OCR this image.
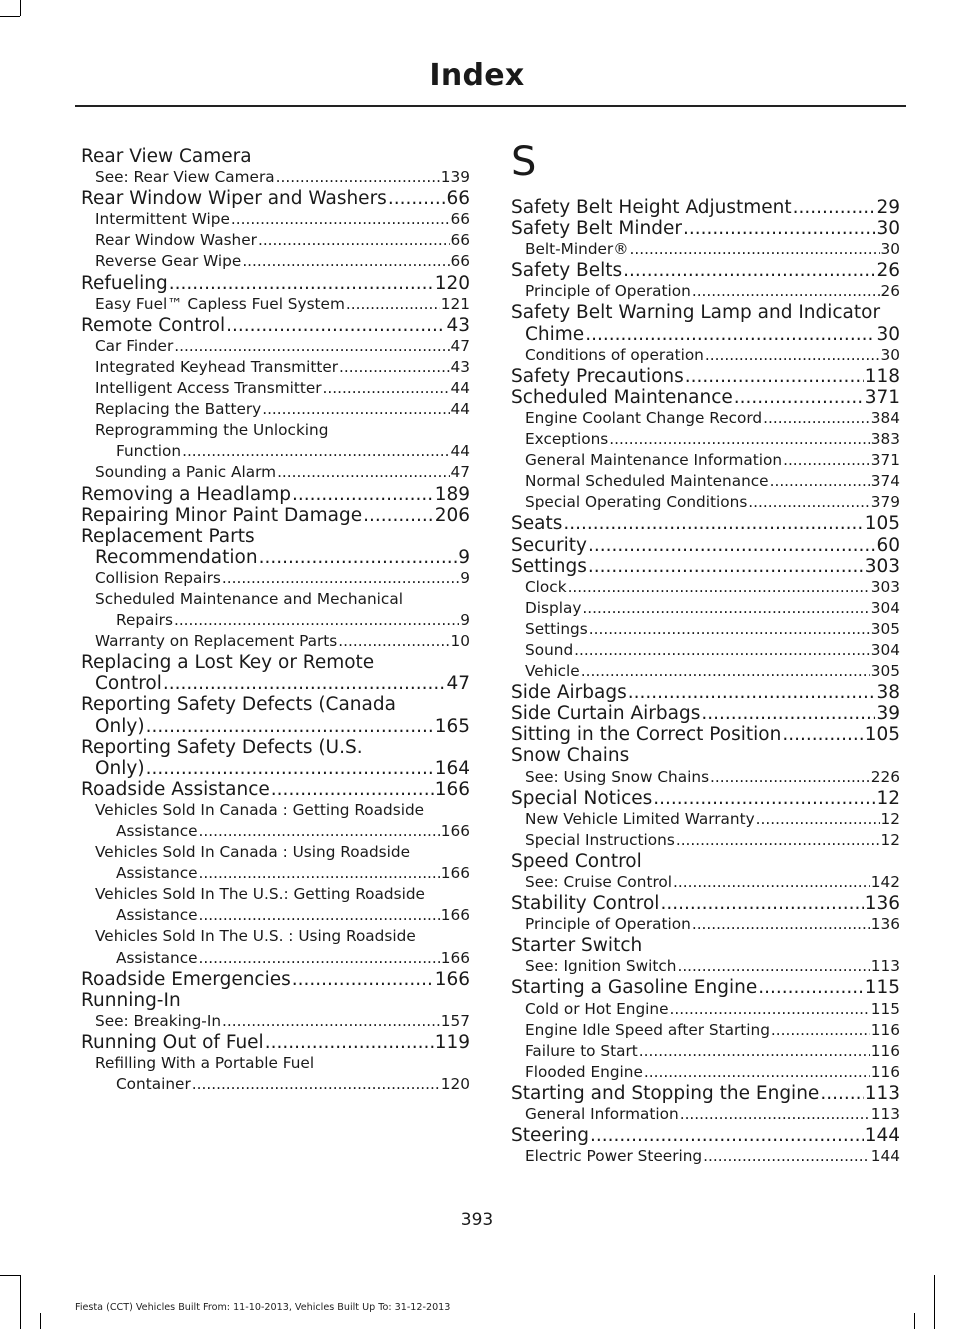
Index
Rear View Camera
See: Rear View Camera .....	139
Rear Window Wiper and Washers .....	66
Intermittent Wipe .....	66
Rear Window Washer .....	66
Reverse Gear Wipe .....	66
Refueling .....	120
Easy Fuel™ Capless Fuel System .....	121
Remote Control .....	43
Car Finder .....	47
Integrated Keyhead Transmitter .....	43
Intelligent Access Transmitter .....	44
Replacing the Battery .....	44
Reprogramming the Unlocking
Function .....	44
Sounding a Panic Alarm .....	47
Removing a Headlamp .....	189
Repairing Minor Paint Damage .....	206
Replacement Parts
Recommendation .....	9
Collision Repairs .....	9
Scheduled Maintenance and Mechanical
Repairs .....	9
Warranty on Replacement Parts .....	10
Replacing a Lost Key or Remote
Control .....	47
Reporting Safety Defects (Canada
Only) .....	165
Reporting Safety Defects (U.S.
Only) .....	164
Roadside Assistance .....	166
Vehicles Sold In Canada : Getting Roadside
Assistance .....	166
Vehicles Sold In Canada : Using Roadside
Assistance .....	166
Vehicles Sold In The U.S.: Getting Roadside
Assistance .....	166
Vehicles Sold In The U.S. : Using Roadside
Assistance .....	166
Roadside Emergencies .....	166
Running-In
See: Breaking-In .....	157
Running Out of Fuel .....	119
Refilling With a Portable Fuel
Container .....	120
S
Safety Belt Height Adjustment .....	29
Safety Belt Minder .....	30
Belt-Minder® .....	30
Safety Belts .....	26
Principle of Operation .....	26
Safety Belt Warning Lamp and Indicator
Chime .....	30
Conditions of operation .....	30
Safety Precautions .....	118
Scheduled Maintenance .....	371
Engine Coolant Change Record .....	384
Exceptions .....	383
General Maintenance Information .....	371
Normal Scheduled Maintenance .....	374
Special Operating Conditions .....	379
Seats .....	105
Security .....	60
Settings .....	303
Clock .....	303
Display .....	304
Settings .....	305
Sound .....	304
Vehicle .....	305
Side Airbags .....	38
Side Curtain Airbags .....	39
Sitting in the Correct Position .....	105
Snow Chains
See: Using Snow Chains .....	226
Special Notices .....	12
New Vehicle Limited Warranty .....	12
Special Instructions .....	12
Speed Control
See: Cruise Control .....	142
Stability Control .....	136
Principle of Operation .....	136
Starter Switch
See: Ignition Switch .....	113
Starting a Gasoline Engine .....	115
Cold or Hot Engine .....	115
Engine Idle Speed after Starting .....	116
Failure to Start .....	116
Flooded Engine .....	116
Starting and Stopping the Engine ..... 113
General Information .....	113
Steering .....	144
Electric Power Steering .....	144
393
Fiesta (CCT) Vehicles Built From: 11-10-2013, Vehicles Built Up To: 31-12-2013
